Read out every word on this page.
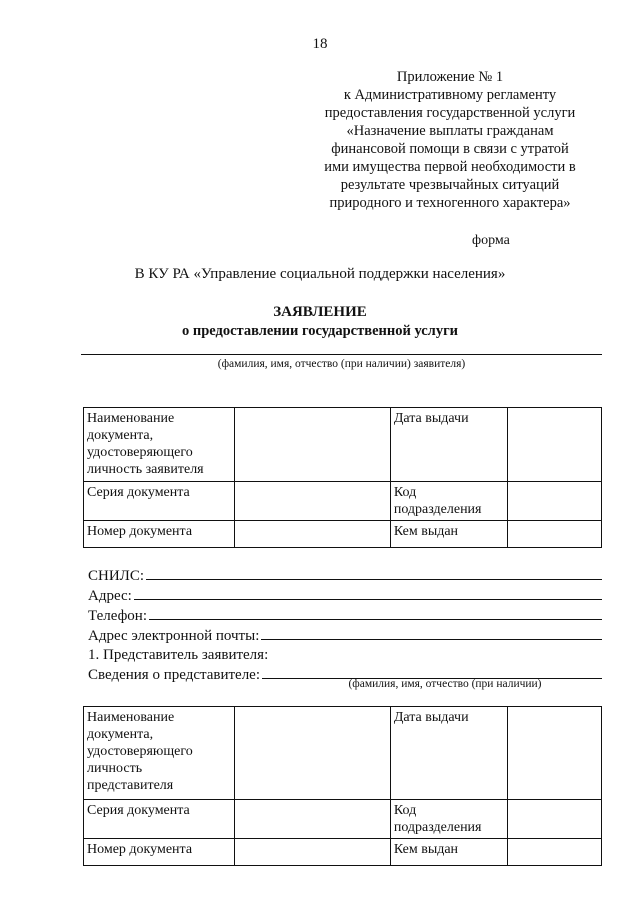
18
Приложение № 1
к Административному регламенту
предоставления государственной услуги
«Назначение выплаты гражданам
финансовой помощи в связи с утратой
ими имущества первой необходимости в
результате чрезвычайных ситуаций
природного и техногенного характера»
форма
В КУ РА «Управление социальной поддержки населения»
ЗАЯВЛЕНИЕ
о предоставлении государственной услуги
(фамилия, имя, отчество (при наличии) заявителя)
Наименование документа, удостоверяющего личность заявителя		Дата выдачи	
Серия документа		Код подразделения	
Номер документа		Кем выдан	
СНИЛС:
Адрес:
Телефон:
Адрес электронной почты:
1. Представитель заявителя:
Сведения о представителе:
(фамилия, имя, отчество (при наличии)
Наименование документа, удостоверяющего личность представителя		Дата выдачи	
Серия документа		Код подразделения	
Номер документа		Кем выдан	
